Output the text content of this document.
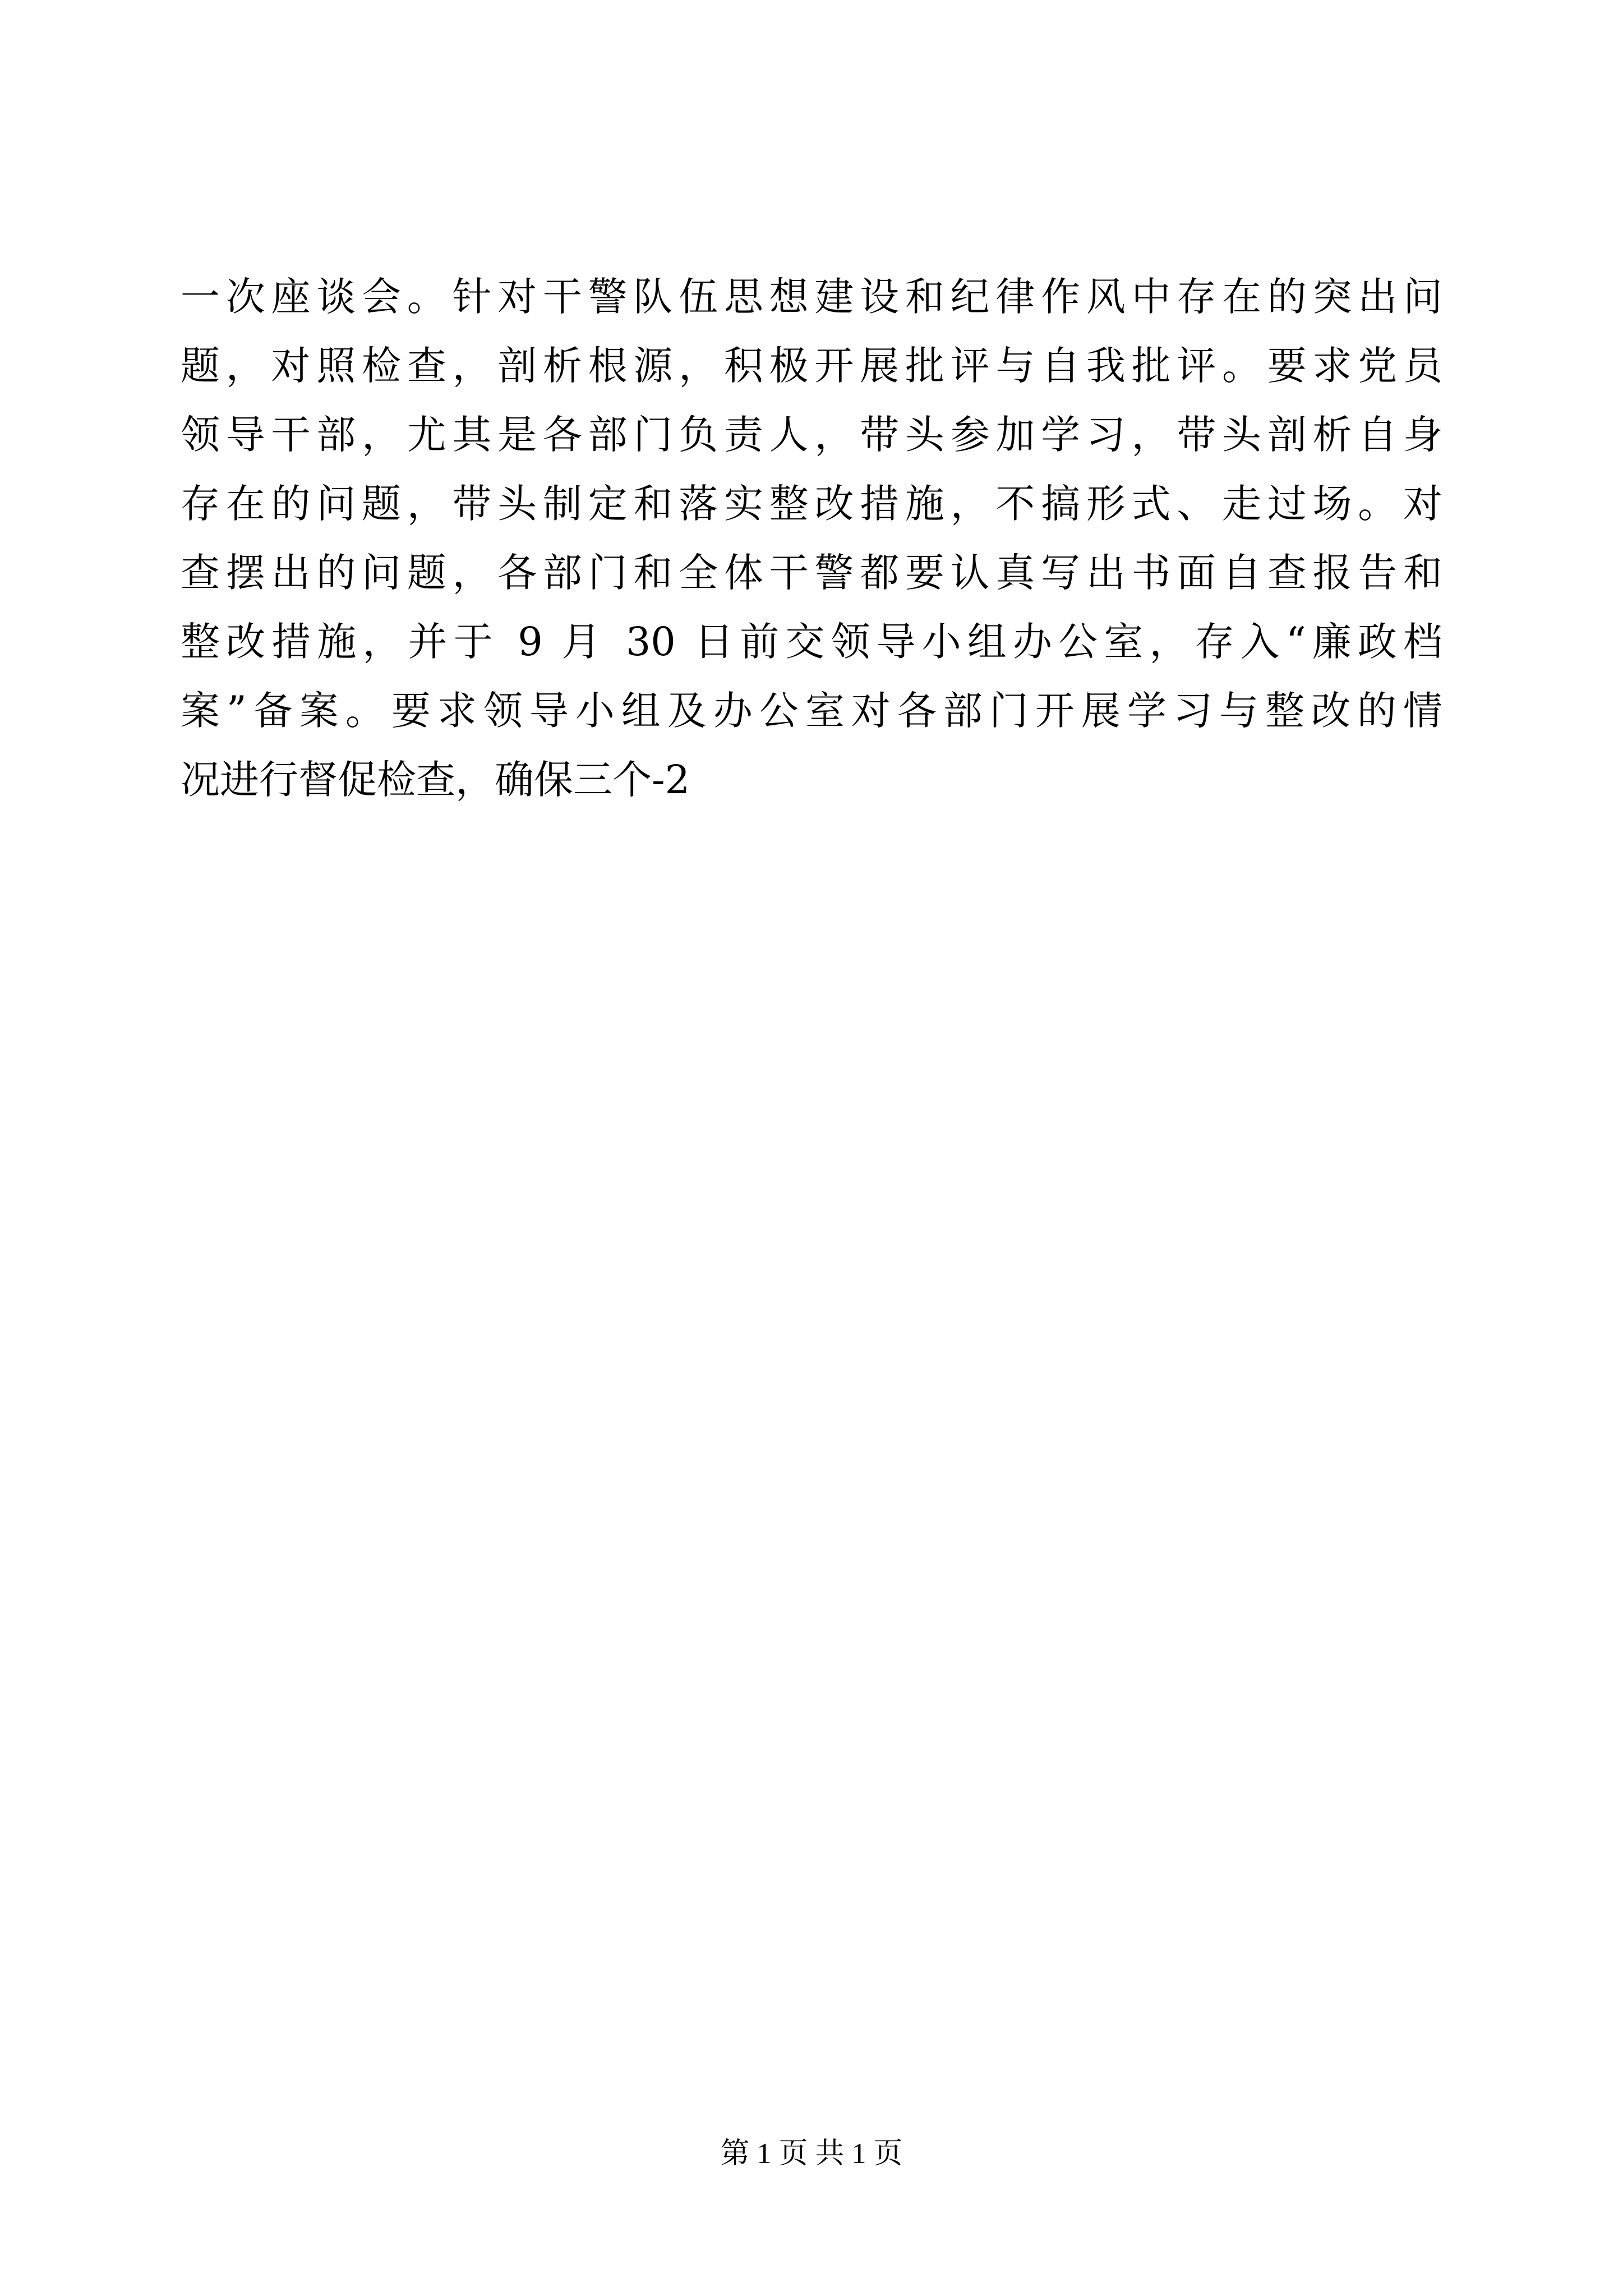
一次座谈会。针对干警队伍思想建设和纪律作风中存在的突出问
题，对照检查，剖析根源，积极开展批评与自我批评。要求党员
领导干部，尤其是各部门负责人，带头参加学习，带头剖析自身
存在的问题，带头制定和落实整改措施，不搞形式、走过场。对
查摆出的问题，各部门和全体干警都要认真写出书面自查报告和
整改措施，并于 9 月 30 日前交领导小组办公室，存入“廉政档
案”备案。要求领导小组及办公室对各部门开展学习与整改的情
况进行督促检查，确保三个-2
第 1 页 共 1 页
